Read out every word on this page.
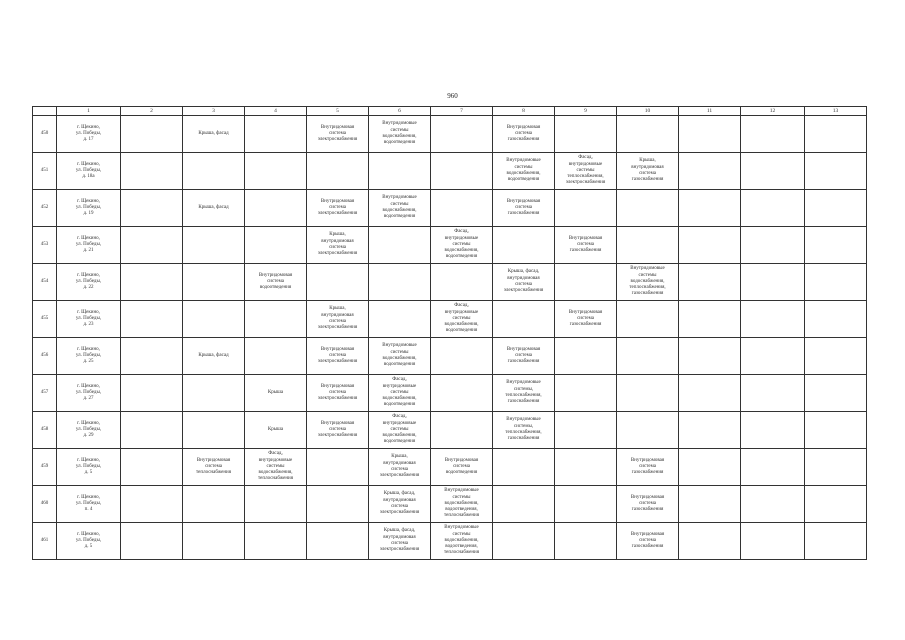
960
	1	2	3	4	5	6	7	8	9	10	11	12	13
450	г. Щекино,
ул. Победы,
д. 17		Крыша, фасад		Внутридомовая
система
электроснабжения	Внутридомовые
системы
водоснабжения,
водоотведения		Внутридомовая
система
газоснабжения					
451	г. Щекино,
ул. Победы,
д. 18а							Внутридомовые
системы
водоснабжения,
водоотведения	Фасад,
внутридомовые
системы
теплоснабжения,
электроснабжения	Крыша,
внутридомовая
система
газоснабжения			
452	г. Щекино,
ул. Победы,
д. 19		Крыша, фасад		Внутридомовая
система
электроснабжения	Внутридомовые
системы
водоснабжения,
водоотведения		Внутридомовая
система
газоснабжения					
453	г. Щекино,
ул. Победы,
д. 21				Крыша,
внутридомовая
система
электроснабжения		Фасад,
внутридомовые
системы
водоснабжения,
водоотведения		Внутридомовая
система
газоснабжения				
454	г. Щекино,
ул. Победы,
д. 22			Внутридомовая
система
водоотведения				Крыша, фасад,
внутридомовая
система
электроснабжения		Внутридомовые
системы
водоснабжения,
теплоснабжения,
газоснабжения			
455	г. Щекино,
ул. Победы,
д. 23				Крыша,
внутридомовая
система
электроснабжения		Фасад,
внутридомовые
системы
водоснабжения,
водоотведения		Внутридомовая
система
газоснабжения				
456	г. Щекино,
ул. Победы,
д. 25		Крыша, фасад		Внутридомовая
система
электроснабжения	Внутридомовые
системы
водоснабжения,
водоотведения		Внутридомовая
система
газоснабжения					
457	г. Щекино,
ул. Победы,
д. 27			Крыша	Внутридомовая
система
электроснабжения	Фасад,
внутридомовые
системы
водоснабжения,
водоотведения		Внутридомовые
системы,
теплоснабжения,
газоснабжения					
458	г. Щекино,
ул. Победы,
д. 29			Крыша	Внутридомовая
система
электроснабжения	Фасад,
внутридомовые
системы
водоснабжения,
водоотведения		Внутридомовые
системы,
теплоснабжения,
газоснабжения					
459	г. Щекино,
ул. Победы,
д. 5		Внутридомовая
система
теплоснабжения	Фасад,
внутридомовые
системы
водоснабжения,
теплоснабжения		Крыша,
внутридомовая
система
электроснабжения	Внутридомовая
система
водоотведения			Внутридомовая
система
газоснабжения			
460	г. Щекино,
ул. Победы,
п. 4					Крыша, фасад,
внутридомовая
система
электроснабжения	Внутридомовые
системы
водоснабжения,
водоотведения,
теплоснабжения			Внутридомовая
система
газоснабжения			
461	г. Щекино,
ул. Победы,
д. 5					Крыша, фасад,
внутридомовая
система
электроснабжения	Внутридомовые
системы
водоснабжения,
водоотведения,
теплоснабжения			Внутридомовая
система
газоснабжения			
